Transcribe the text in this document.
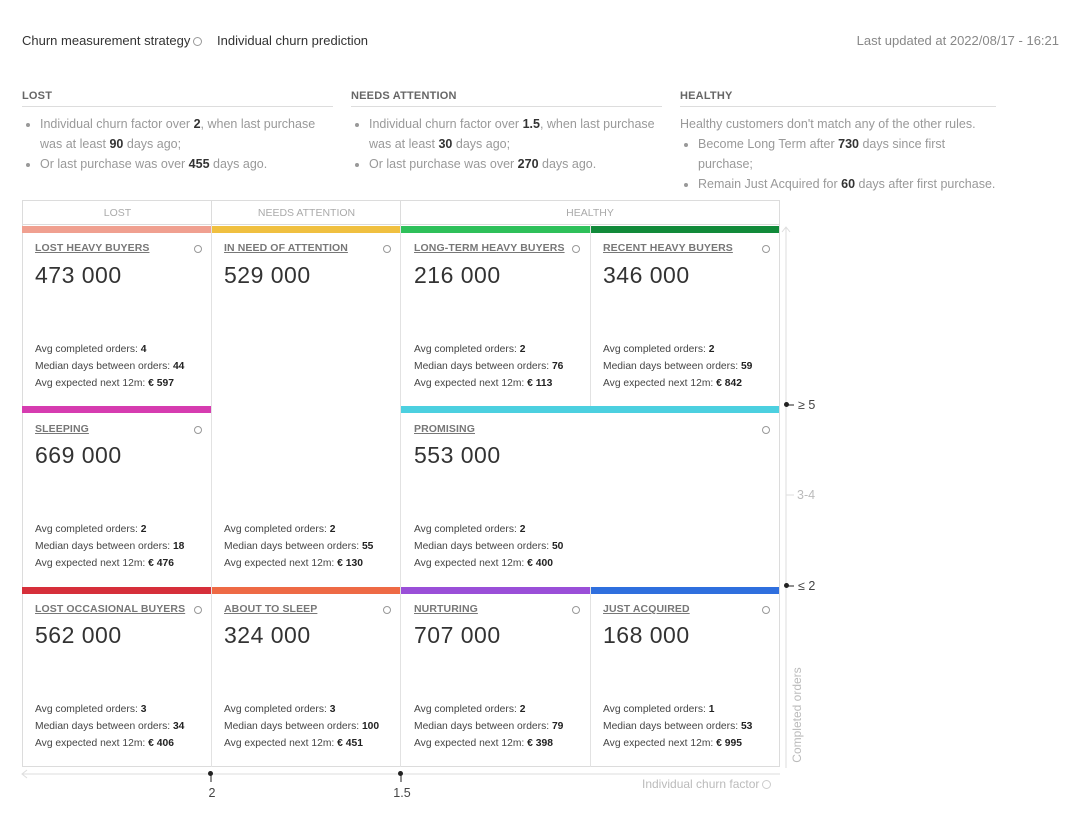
Churn measurement strategy	Individual churn prediction	Last updated at 2022/08/17 - 16:21
LOST
• Individual churn factor over 2, when last purchase was at least 90 days ago;
• Or last purchase was over 455 days ago.
NEEDS ATTENTION
• Individual churn factor over 1.5, when last purchase was at least 30 days ago;
• Or last purchase was over 270 days ago.
HEALTHY

Healthy customers don't match any of the other rules.

• Become Long Term after 730 days since first purchase;
• Remain Just Acquired for 60 days after first purchase.
LOST	NEEDS ATTENTION	HEALTHY
LOST HEAVY BUYERS
473 000
IN NEED OF ATTENTION
529 000
LONG-TERM HEAVY BUYERS
216 000
RECENT HEAVY BUYERS
346 000
SLEEPING
669 000
PROMISING
553 000
LOST OCCASIONAL BUYERS
562 000
ABOUT TO SLEEP
324 000
NURTURING
707 000
JUST ACQUIRED
168 000
Avg completed orders: 4
Median days between orders: 44
Avg expected next 12m: € 597
Avg completed orders: 2
Median days between orders: 76
Avg expected next 12m: € 113
Avg completed orders: 2
Median days between orders: 59
Avg expected next 12m: € 842
Avg completed orders: 2
Median days between orders: 18
Avg expected next 12m: € 476
Avg completed orders: 2
Median days between orders: 55
Avg expected next 12m: € 130
Avg completed orders: 2
Median days between orders: 50
Avg expected next 12m: € 400
Avg completed orders: 3
Median days between orders: 34
Avg expected next 12m: € 406
Avg completed orders: 3
Median days between orders: 100
Avg expected next 12m: € 451
Avg completed orders: 2
Median days between orders: 79
Avg expected next 12m: € 398
Avg completed orders: 1
Median days between orders: 53
Avg expected next 12m: € 995
≥ 5
3-4
≤ 2
Completed orders
2	1.5
Individual churn factor
